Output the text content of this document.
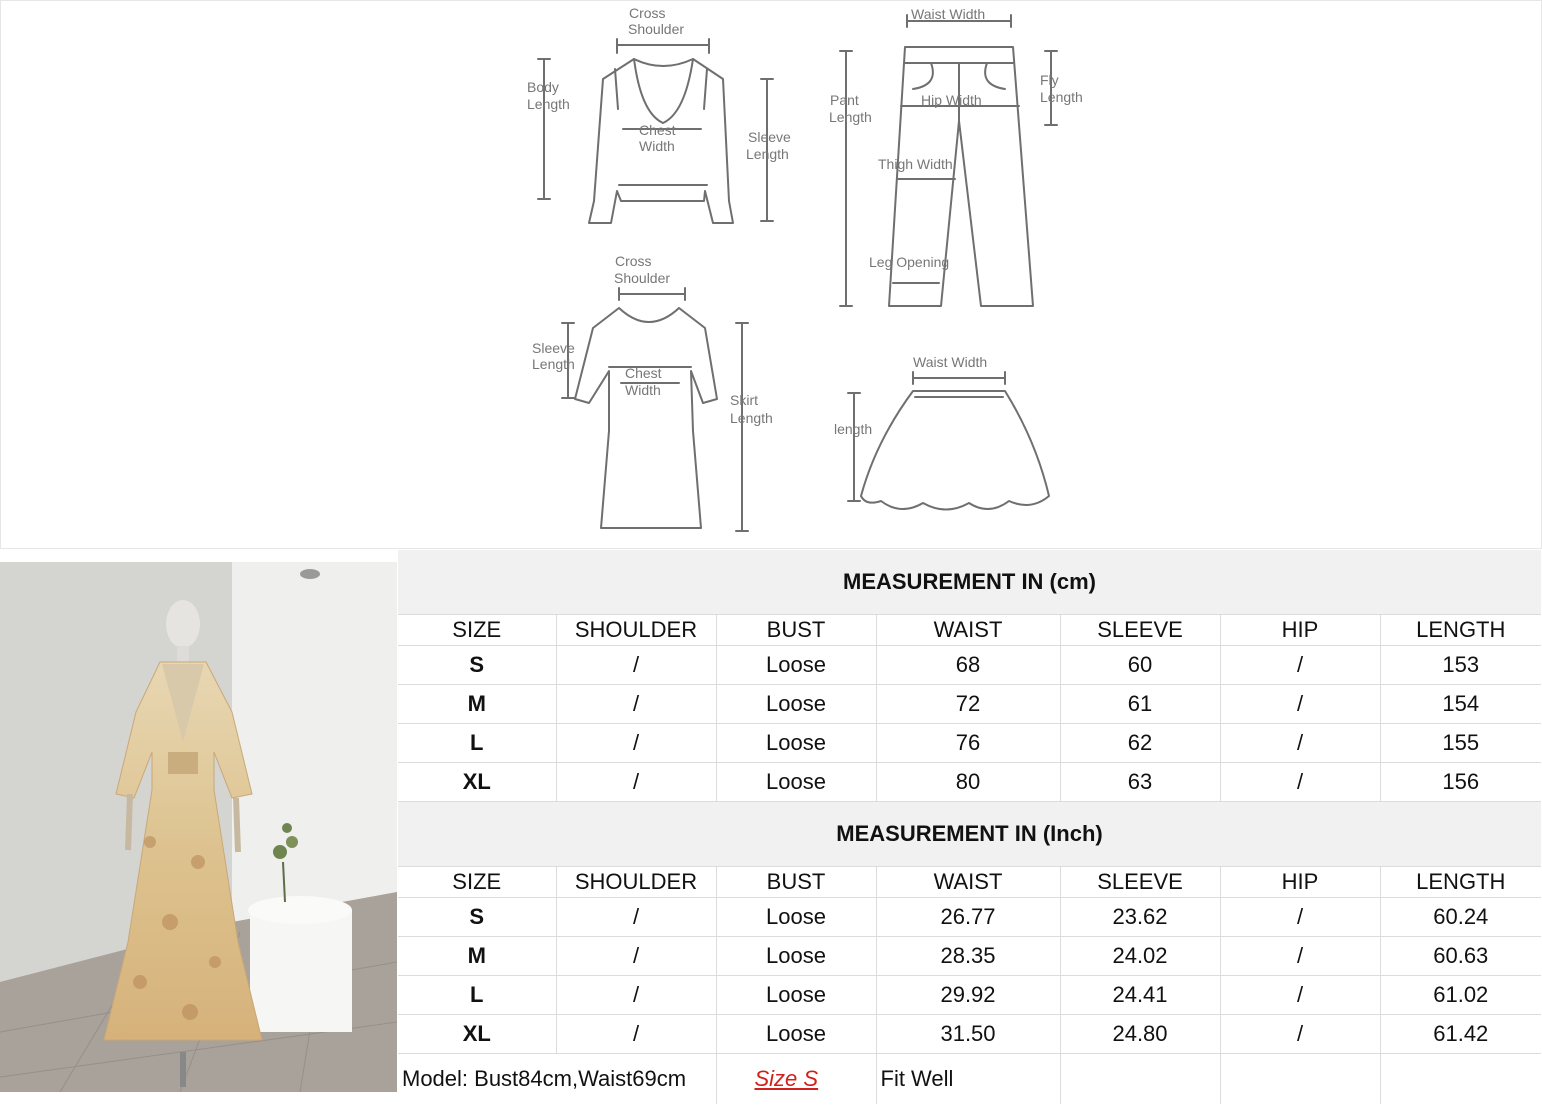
Cross
Shoulder
Body
Length
Chest
Width
Sleeve
Length
Waist Width
Pant
Length
Hip Width
Fly
Length
Thigh Width
Leg Opening
Cross
Shoulder
Sleeve
Length
Chest
Width
Skirt
Length
Waist Width
length
MEASUREMENT IN (cm)						
SIZE	SHOULDER	BUST	WAIST	SLEEVE	HIP	LENGTH
S	/	Loose	68	60	/	153
M	/	Loose	72	61	/	154
L	/	Loose	76	62	/	155
XL	/	Loose	80	63	/	156
MEASUREMENT IN (Inch)						
SIZE	SHOULDER	BUST	WAIST	SLEEVE	HIP	LENGTH
S	/	Loose	26.77	23.62	/	60.24
M	/	Loose	28.35	24.02	/	60.63
L	/	Loose	29.92	24.41	/	61.02
XL	/	Loose	31.50	24.80	/	61.42
Model: Bust84cm,Waist69cm		Size S	Fit Well			
